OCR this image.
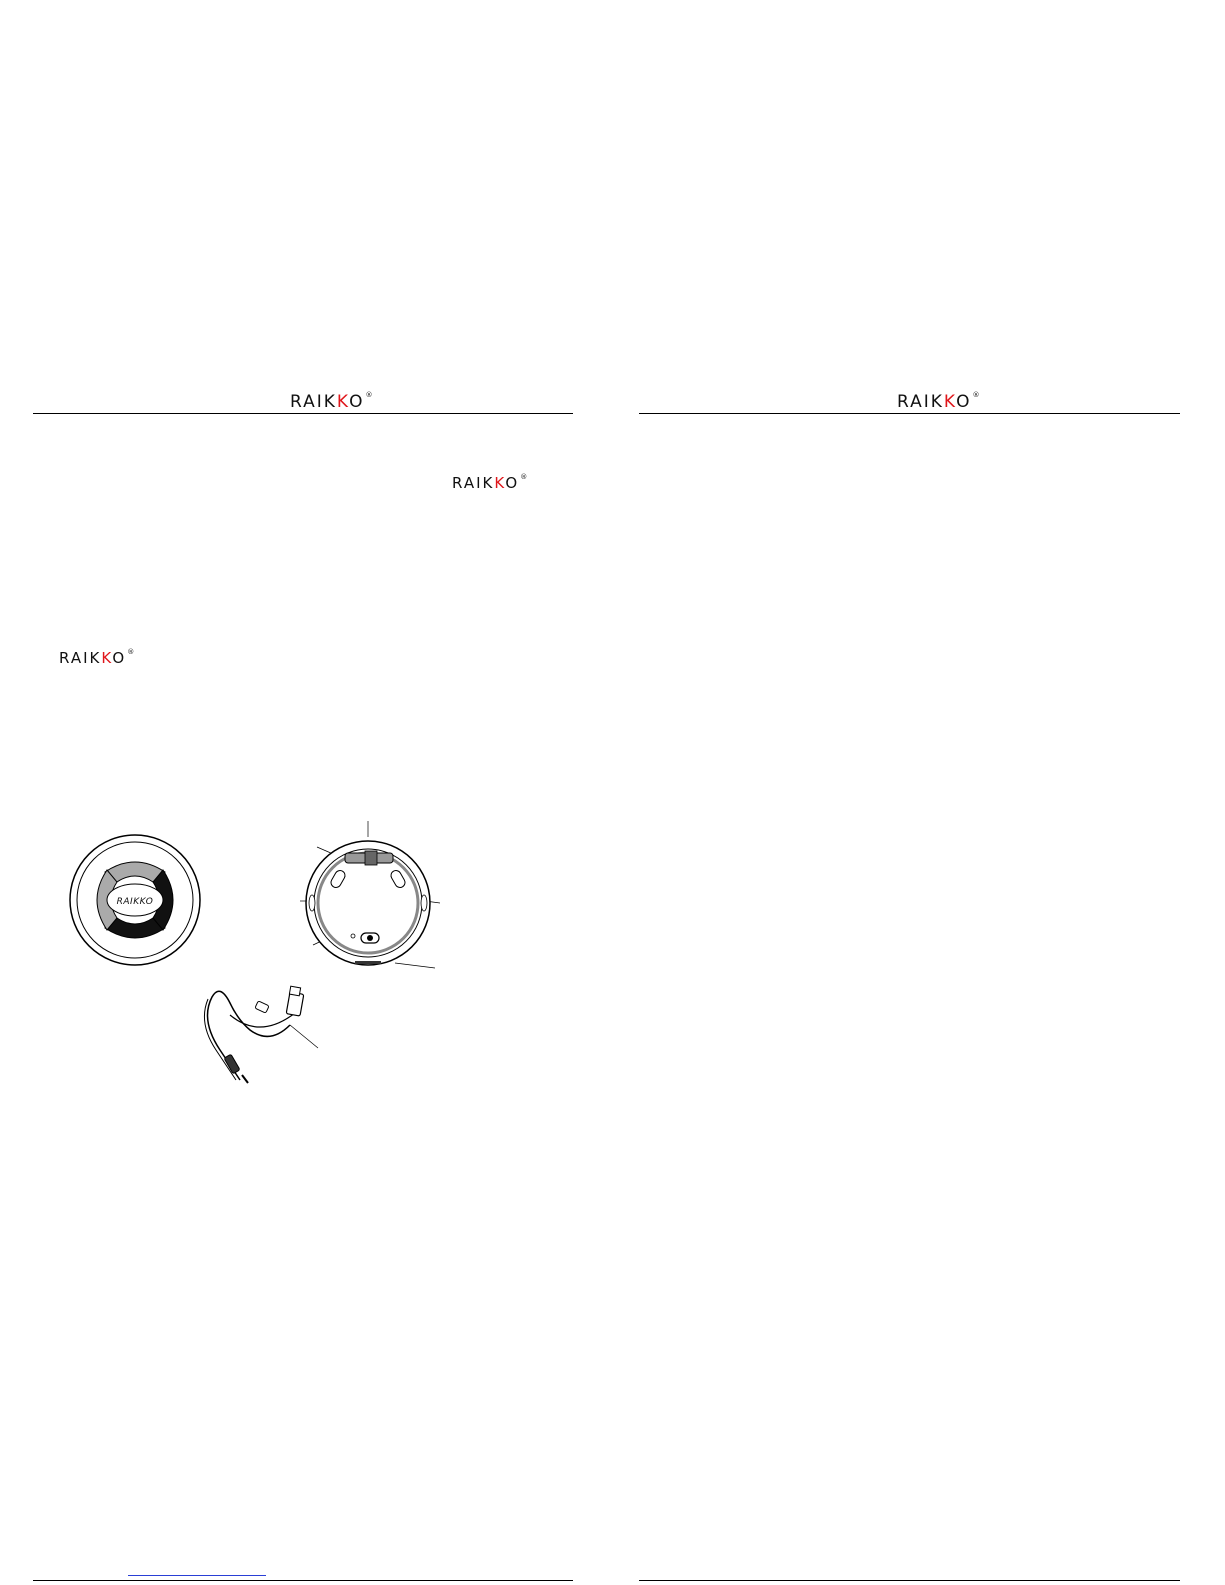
RAIKKO®
RAIKKO®
RAIKKO®
RAIKKO
RAIKKO®
